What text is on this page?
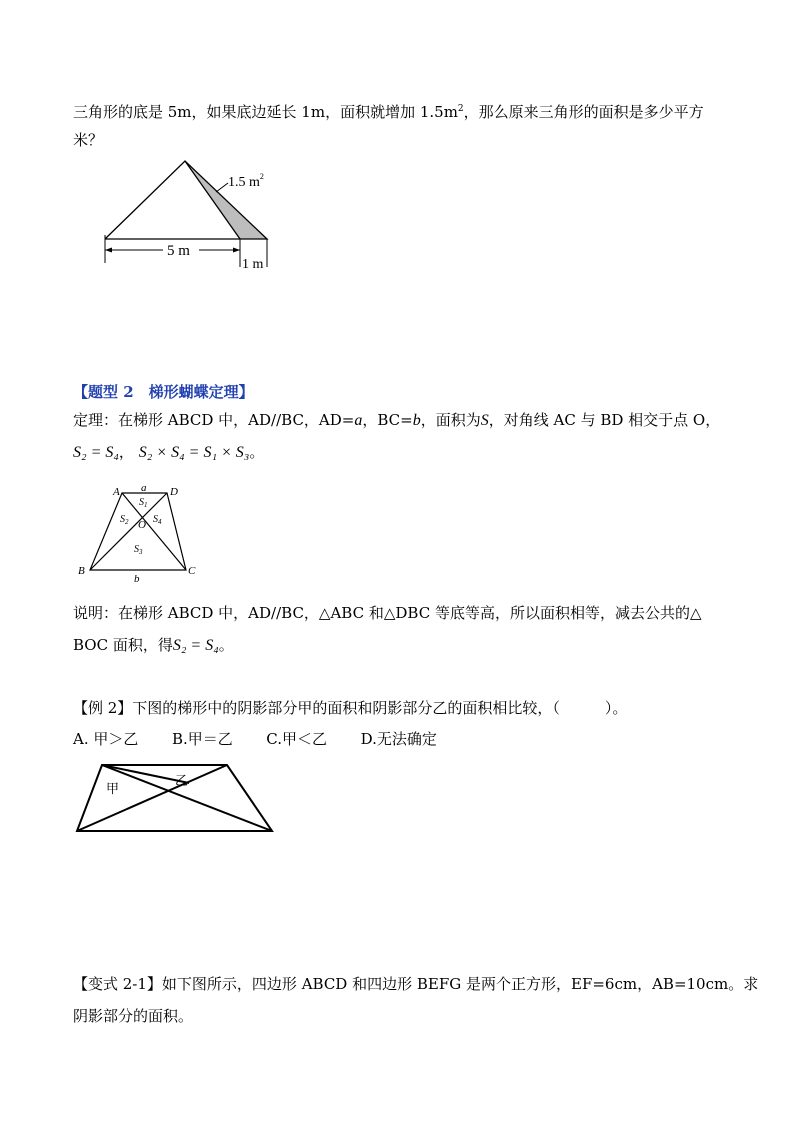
三角形的底是 5m，如果底边延长 1m，面积就增加 $1.5m^2$，那么原来三角形的面积是多少平方
米？
1.5 $m^2$
5 m
1 m
【题型 2　梯形蝴蝶定理】
定理：在梯形 ABCD 中，AD//BC，AD=a，BC=b，面积为S，对角线 AC 与 BD 相交于点 O，
S₂ = S₄， S₂ × S₄ = S₁ × S₃。
A	D
B	C
O
a
b
$S_1$
$S_2$
$S_3$
$S_4$
说明：在梯形 ABCD 中，AD//BC，△ABC 和△DBC 等底等高，所以面积相等，减去公共的△
BOC 面积，得S₂ = S₄。
【例 2】下图的梯形中的阴影部分甲的面积和阴影部分乙的面积相比较，（　　　）。
A. 甲＞乙 B.甲＝乙 C.甲＜乙 D.无法确定
甲
乙
【变式 2-1】如下图所示，四边形 ABCD 和四边形 BEFG 是两个正方形，EF=6cm，AB=10cm。求
阴影部分的面积。
